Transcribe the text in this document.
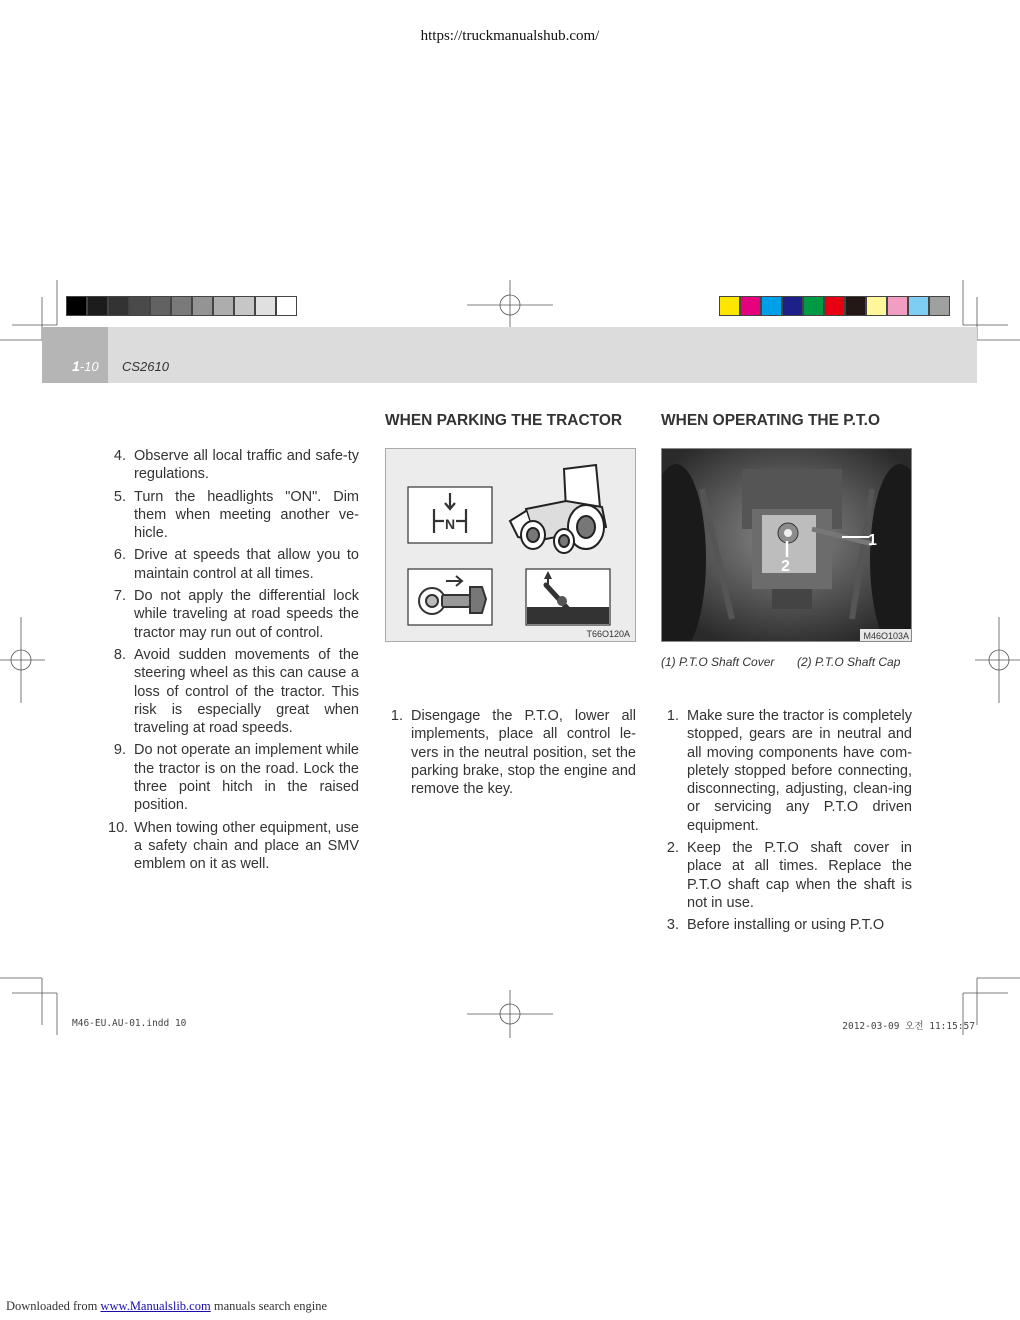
https://truckmanualshub.com/
1-10 CS2610
4. Observe all local traffic and safe-ty regulations.
5. Turn the headlights "ON". Dim them when meeting another ve-hicle.
6. Drive at speeds that allow you to maintain control at all times.
7. Do not apply the differential lock while traveling at road speeds the tractor may run out of control.
8. Avoid sudden movements of the steering wheel as this can cause a loss of control of the tractor. This risk is especially great when traveling at road speeds.
9. Do not operate an implement while the tractor is on the road. Lock the three point hitch in the raised position.
10. When towing other equipment, use a safety chain and place an SMV emblem on it as well.
WHEN PARKING THE TRACTOR
N
T66O120A
1. Disengage the P.T.O, lower all implements, place all control le-vers in the neutral position, set the parking brake, stop the engine and remove the key.
WHEN OPERATING THE P.T.O
1
2
M46O103A
(1) P.T.O Shaft Cover (2) P.T.O Shaft Cap
1. Make sure the tractor is completely stopped, gears are in neutral and all moving components have com-pletely stopped before connecting, disconnecting, adjusting, clean-ing or servicing any P.T.O driven equipment.
2. Keep the P.T.O shaft cover in place at all times. Replace the P.T.O shaft cap when the shaft is not in use.
3. Before installing or using P.T.O
M46-EU.AU-01.indd 10	2012-03-09 오전 11:15:57
Downloaded from www.Manualslib.com manuals search engine
